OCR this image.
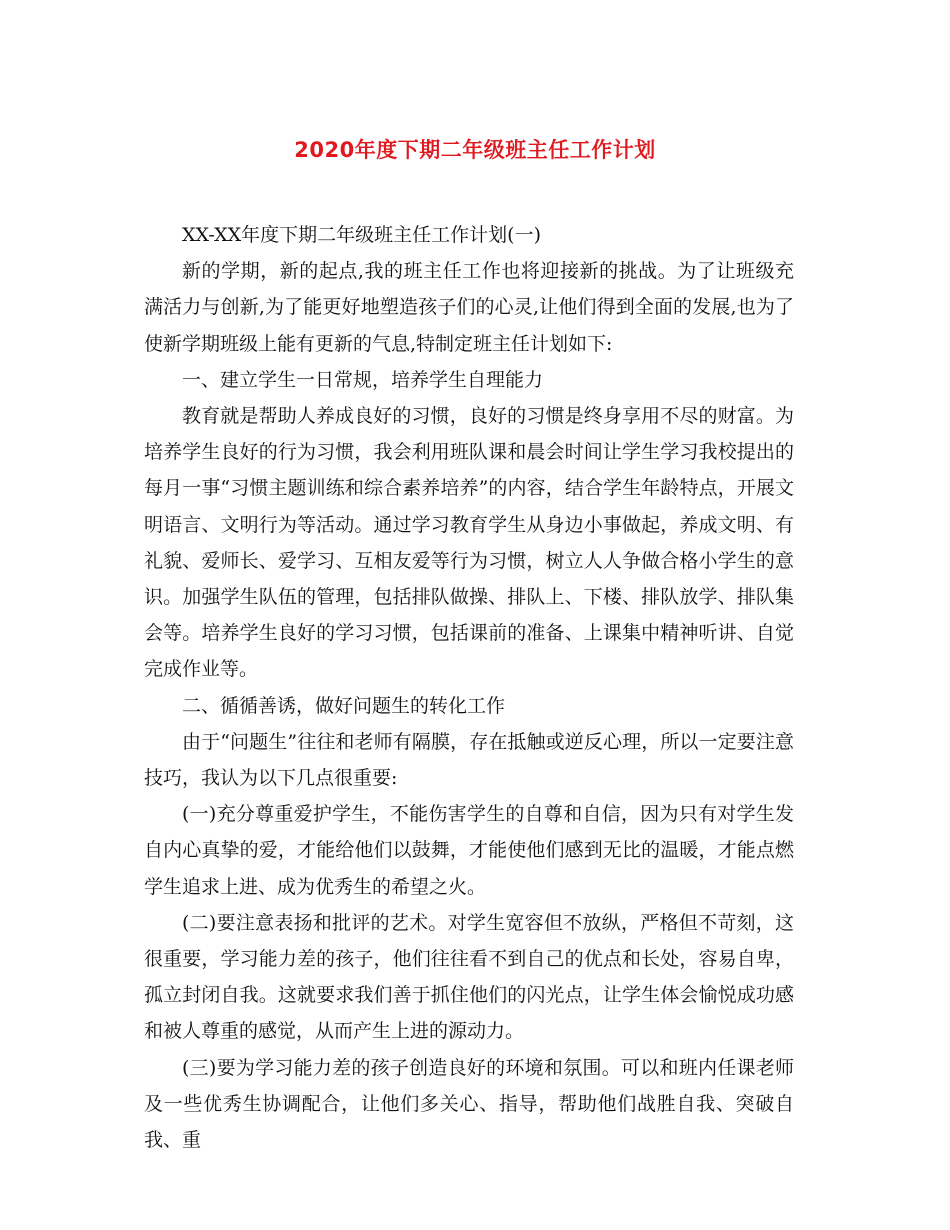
2020年度下期二年级班主任工作计划

XX-XX年度下期二年级班主任工作计划(一)

新的学期，新的起点,我的班主任工作也将迎接新的挑战。为了让班级充满活力与创新,为了能更好地塑造孩子们的心灵,让他们得到全面的发展,也为了使新学期班级上能有更新的气息,特制定班主任计划如下:

一、建立学生一日常规，培养学生自理能力

教育就是帮助人养成良好的习惯，良好的习惯是终身享用不尽的财富。为培养学生良好的行为习惯，我会利用班队课和晨会时间让学生学习我校提出的每月一事“习惯主题训练和综合素养培养”的内容，结合学生年龄特点，开展文明语言、文明行为等活动。通过学习教育学生从身边小事做起，养成文明、有礼貌、爱师长、爱学习、互相友爱等行为习惯，树立人人争做合格小学生的意识。加强学生队伍的管理，包括排队做操、排队上、下楼、排队放学、排队集会等。培养学生良好的学习习惯，包括课前的准备、上课集中精神听讲、自觉完成作业等。

二、循循善诱，做好问题生的转化工作

由于“问题生”往往和老师有隔膜，存在抵触或逆反心理，所以一定要注意技巧，我认为以下几点很重要:

(一)充分尊重爱护学生，不能伤害学生的自尊和自信，因为只有对学生发自内心真挚的爱，才能给他们以鼓舞，才能使他们感到无比的温暖，才能点燃学生追求上进、成为优秀生的希望之火。

(二)要注意表扬和批评的艺术。对学生宽容但不放纵，严格但不苛刻，这很重要，学习能力差的孩子，他们往往看不到自己的优点和长处，容易自卑，孤立封闭自我。这就要求我们善于抓住他们的闪光点，让学生体会愉悦成功感和被人尊重的感觉，从而产生上进的源动力。

(三)要为学习能力差的孩子创造良好的环境和氛围。可以和班内任课老师及一些优秀生协调配合，让他们多关心、指导，帮助他们战胜自我、突破自我、重
